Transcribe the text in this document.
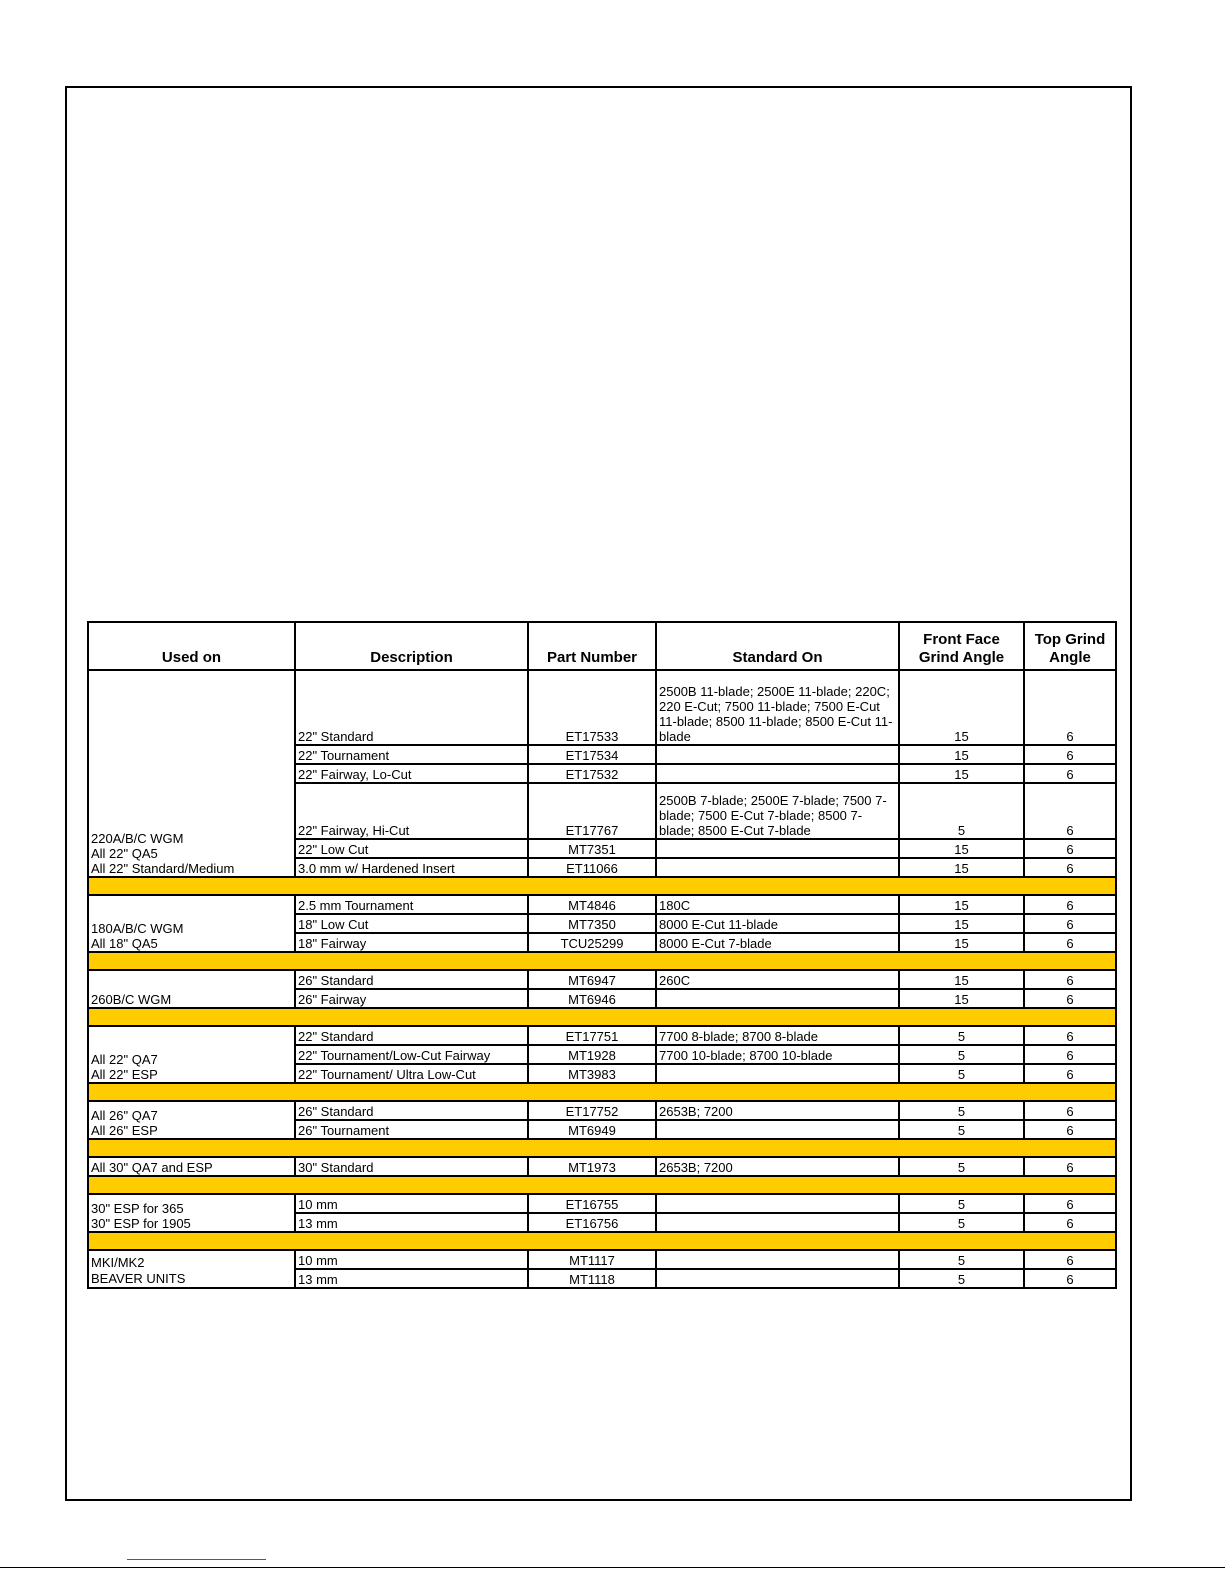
Used on	Description	Part Number	Standard On	Front Face Grind Angle	Top Grind Angle
220A/B/C WGM
All 22" QA5
All 22" Standard/Medium	22" Standard	ET17533	2500B 11-blade; 2500E 11-blade; 220C; 220 E-Cut; 7500 11-blade; 7500 E-Cut 11-blade; 8500 11-blade; 8500 E-Cut 11-blade	15	6
	22" Tournament	ET17534		15	6
	22" Fairway, Lo-Cut	ET17532		15	6
	22" Fairway, Hi-Cut	ET17767	2500B 7-blade; 2500E 7-blade; 7500 7-blade; 7500 E-Cut 7-blade; 8500 7-blade; 8500 E-Cut 7-blade	5	6
	22" Low Cut	MT7351		15	6
	3.0 mm w/ Hardened Insert	ET11066		15	6

180A/B/C WGM
All 18" QA5	2.5 mm Tournament	MT4846	180C	15	6
	18" Low Cut	MT7350	8000 E-Cut 11-blade	15	6
	18" Fairway	TCU25299	8000 E-Cut 7-blade	15	6

260B/C WGM	26" Standard	MT6947	260C	15	6
	26" Fairway	MT6946		15	6

All 22" QA7
All 22" ESP	22" Standard	ET17751	7700 8-blade; 8700 8-blade	5	6
	22" Tournament/Low-Cut Fairway	MT1928	7700 10-blade; 8700 10-blade	5	6
	22" Tournament/ Ultra Low-Cut	MT3983		5	6

All 26" QA7
All 26" ESP	26" Standard	ET17752	2653B; 7200	5	6
	26" Tournament	MT6949		5	6

All 30" QA7 and ESP	30" Standard	MT1973	2653B; 7200	5	6

30" ESP for 365
30" ESP for 1905	10 mm	ET16755		5	6
	13 mm	ET16756		5	6

MKI/MK2
BEAVER UNITS	10 mm	MT1117		5	6
	13 mm	MT1118		5	6
